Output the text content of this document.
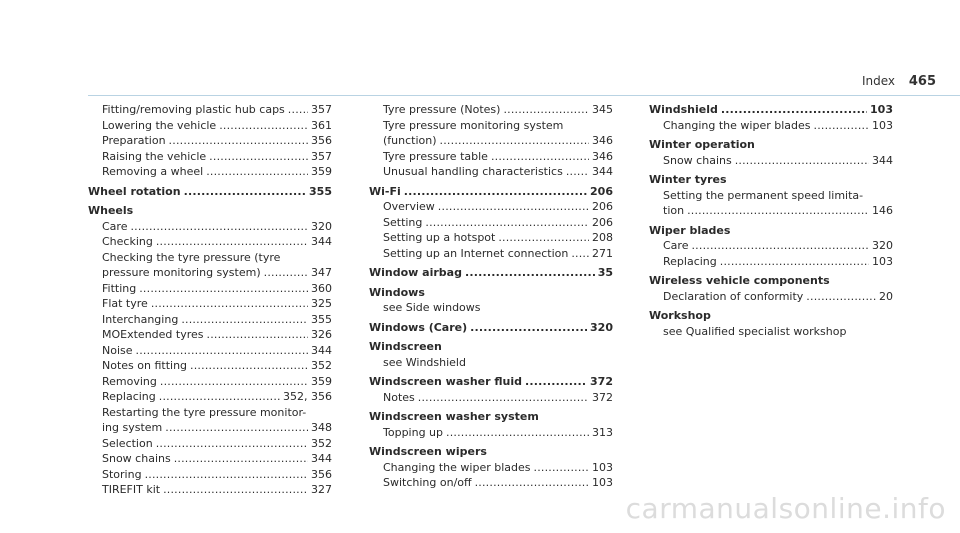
Index 465
Fitting/removing plastic hub caps ..... 357
Lowering the vehicle .....	361
Preparation .....	356
Raising the vehicle .....	357
Removing a wheel .....	359
Wheel rotation .....	355
Wheels
Care .....	320
Checking .....	344
Checking the tyre pressure (tyre
pressure monitoring system) .....	347
Fitting .....	360
Flat tyre .....	325
Interchanging .....	355
MOExtended tyres .....	326
Noise .....	344
Notes on fitting .....	352
Removing .....	359
Replacing .....	352, 356
Restarting the tyre pressure monitor-
ing system .....	348
Selection .....	352
Snow chains .....	344
Storing .....	356
TIREFIT kit .....	327
Tyre pressure (Notes) .....	345
Tyre pressure monitoring system
(function) .....	346
Tyre pressure table .....	346
Unusual handling characteristics .....	344
Wi-Fi .....	206
Overview .....	206
Setting .....	206
Setting up a hotspot .....	208
Setting up an Internet connection ..... 271
Window airbag .....	35
Windows
see Side windows
Windows (Care) .....	320
Windscreen
see Windshield
Windscreen washer fluid .....	372
Notes .....	372
Windscreen washer system
Topping up .....	313
Windscreen wipers
Changing the wiper blades .....	103
Switching on/off .....	103
Windshield .....	103
Changing the wiper blades .....	103
Winter operation
Snow chains .....	344
Winter tyres
Setting the permanent speed limita-
tion .....	146
Wiper blades
Care .....	320
Replacing .....	103
Wireless vehicle components
Declaration of conformity .....	20
Workshop
see Qualified specialist workshop
carmanualsonline.info
